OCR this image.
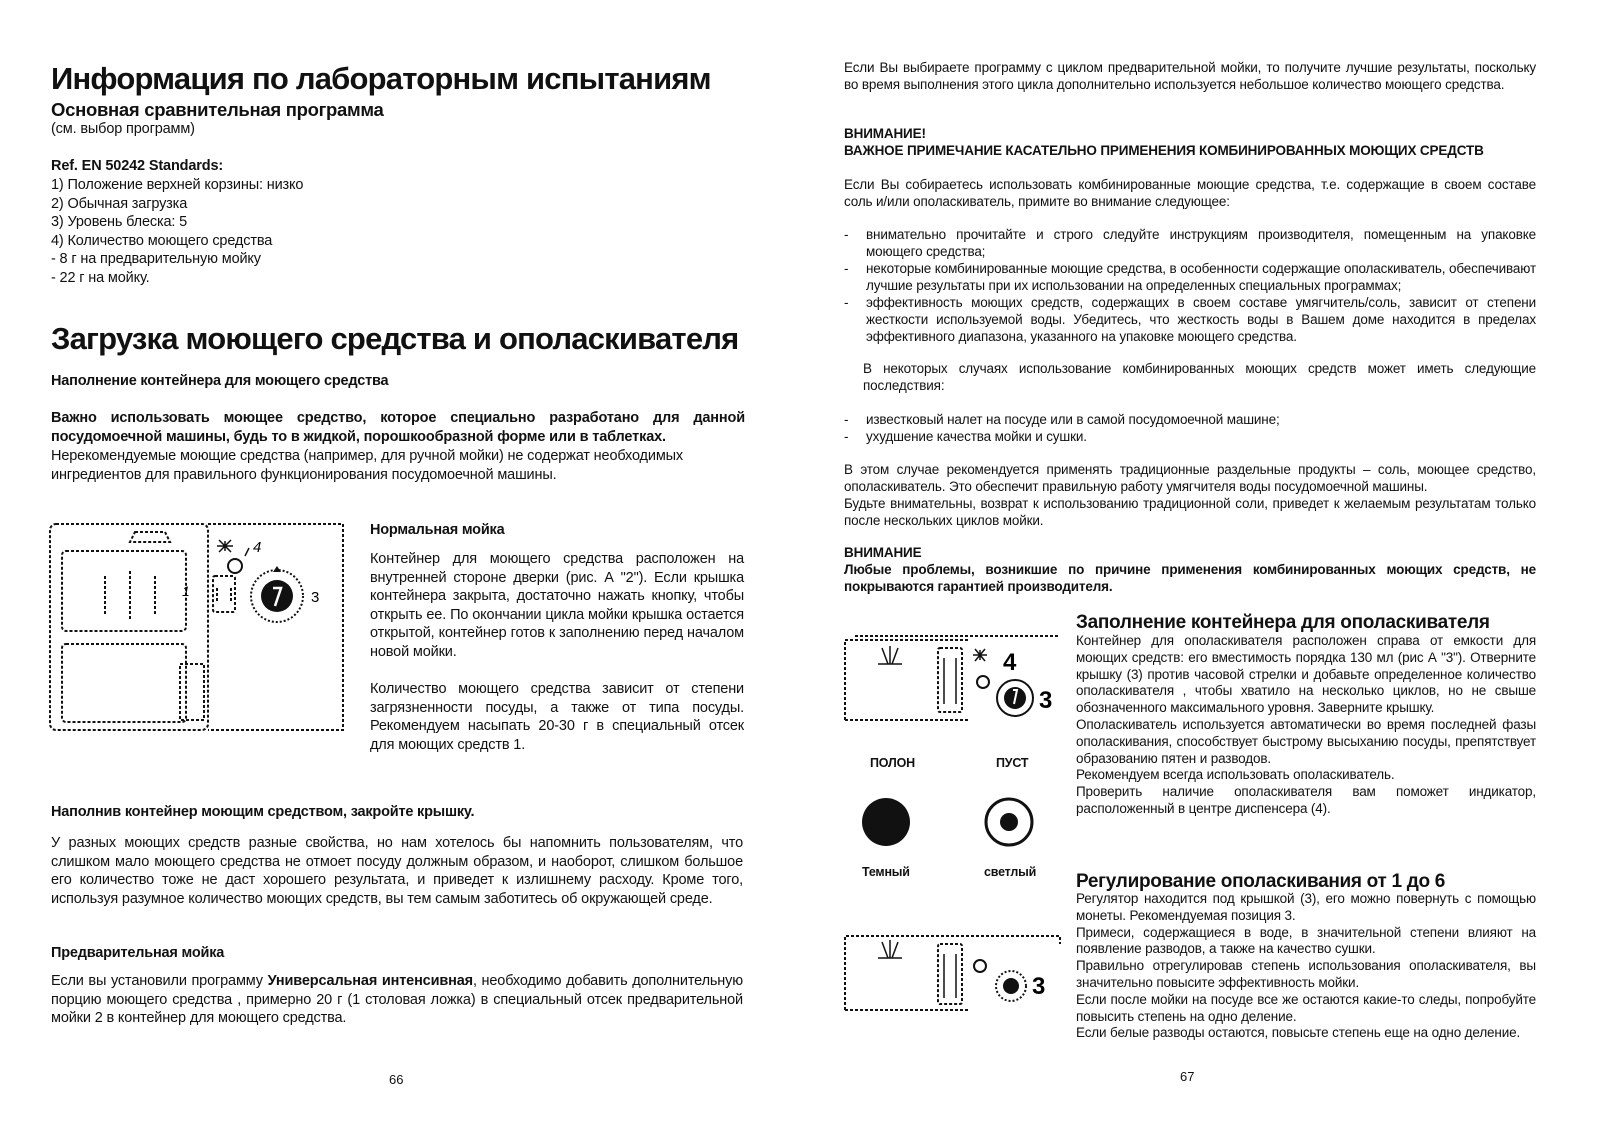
Информация по лабораторным испытаниям
Основная сравнительная программа
(см. выбор программ)
Ref. EN 50242 Standards:
1) Положение верхней корзины: низко
2) Обычная загрузка
3) Уровень блеска: 5
4) Количество моющего средства
- 8 г на предварительную мойку
- 22 г на мойку.
Загрузка моющего средства и ополаскивателя
Наполнение контейнера для моющего средства
Важно использовать моющее средство, которое специально разработано для данной посудомоечной машины, будь то в жидкой, порошкообразной форме или в таблетках.
Нерекомендуемые моющие средства (например, для ручной мойки) не содержат необходимых ингредиентов для правильного функционирования посудомоечной машины.
4
3
1
Нормальная мойка
Контейнер для моющего средства расположен на внутренней стороне дверки (рис. А "2"). Если крышка контейнера закрыта, достаточно нажать кнопку, чтобы открыть ее. По окончании цикла мойки крышка остается открытой, контейнер готов к заполнению перед началом новой мойки.
Количество моющего средства зависит от степени загрязненности посуды, а также от типа посуды. Рекомендуем насыпать 20-30 г в специальный отсек для моющих средств 1.
Наполнив контейнер моющим средством, закройте крышку.
У разных моющих средств разные свойства, но нам хотелось бы напомнить пользователям, что слишком мало моющего средства не отмоет посуду должным образом, и наоборот, слишком большое его количество тоже не даст хорошего результата, и приведет к излишнему расходу. Кроме того, используя разумное количество моющих средств, вы тем самым заботитесь об окружающей среде.
Предварительная мойка
Если вы установили программу Универсальная интенсивная, необходимо добавить дополнительную порцию моющего средства , примерно 20 г (1 столовая ложка) в специальный отсек предварительной мойки 2 в контейнер для моющего средства.
66
Если Вы выбираете программу с циклом предварительной мойки, то получите лучшие результаты, поскольку во время выполнения этого цикла дополнительно используется небольшое количество моющего средства.
ВНИМАНИЕ!
ВАЖНОЕ ПРИМЕЧАНИЕ КАСАТЕЛЬНО ПРИМЕНЕНИЯ КОМБИНИРОВАННЫХ МОЮЩИХ СРЕДСТВ
Если Вы собираетесь использовать комбинированные моющие средства, т.е. содержащие в своем составе соль и/или ополаскиватель, примите во внимание следующее:
- внимательно прочитайте и строго следуйте инструкциям производителя, помещенным на упаковке моющего средства;
- некоторые комбинированные моющие средства, в особенности содержащие ополаскиватель, обеспечивают лучшие результаты при их использовании на определенных специальных программах;
- эффективность моющих средств, содержащих в своем составе умягчитель/соль, зависит от степени жесткости используемой воды. Убедитесь, что жесткость воды в Вашем доме находится в пределах эффективного диапазона, указанного на упаковке моющего средства.
В некоторых случаях использование комбинированных моющих средств может иметь следующие последствия:
- известковый налет на посуде или в самой посудомоечной машине;
- ухудшение качества мойки и сушки.
В этом случае рекомендуется применять традиционные раздельные продукты – соль, моющее средство, ополаскиватель. Это обеспечит правильную работу умягчителя воды посудомоечной машины.
Будьте внимательны, возврат к использованию традиционной соли, приведет к желаемым результатам только после нескольких циклов мойки.
ВНИМАНИЕ
Любые проблемы, возникшие по причине применения комбинированных моющих средств, не покрываются гарантией производителя.
4
3
ПОЛОН	ПУСТ
Темный	светлый
Заполнение контейнера для ополаскивателя

Контейнер для ополаскивателя расположен справа от емкости для моющих средств: его вместимость порядка 130 мл (рис А "3"). Отверните крышку (3) против часовой стрелки и добавьте определенное количество ополаскивателя , чтобы хватило на несколько циклов, но не свыше обозначенного максимального уровня. Заверните крышку.

Ополаскиватель используется автоматически во время последней фазы ополаскивания, способствует быстрому высыханию посуды, препятствует образованию пятен и разводов.

Рекомендуем всегда использовать ополаскиватель.

Проверить наличие ополаскивателя вам поможет индикатор, расположенный в центре диспенсера (4).

3
Регулирование ополаскивания от 1 до 6

Регулятор находится под крышкой (3), его можно повернуть с помощью монеты. Рекомендуемая позиция 3.

Примеси, содержащиеся в воде, в значительной степени влияют на появление разводов, а также на качество сушки.

Правильно отрегулировав степень использования ополаскивателя, вы значительно повысите эффективность мойки.

Если после мойки на посуде все же остаются какие-то следы, попробуйте повысить степень на одно деление.

Если белые разводы остаются, повысьте степень еще на одно деление.

67
